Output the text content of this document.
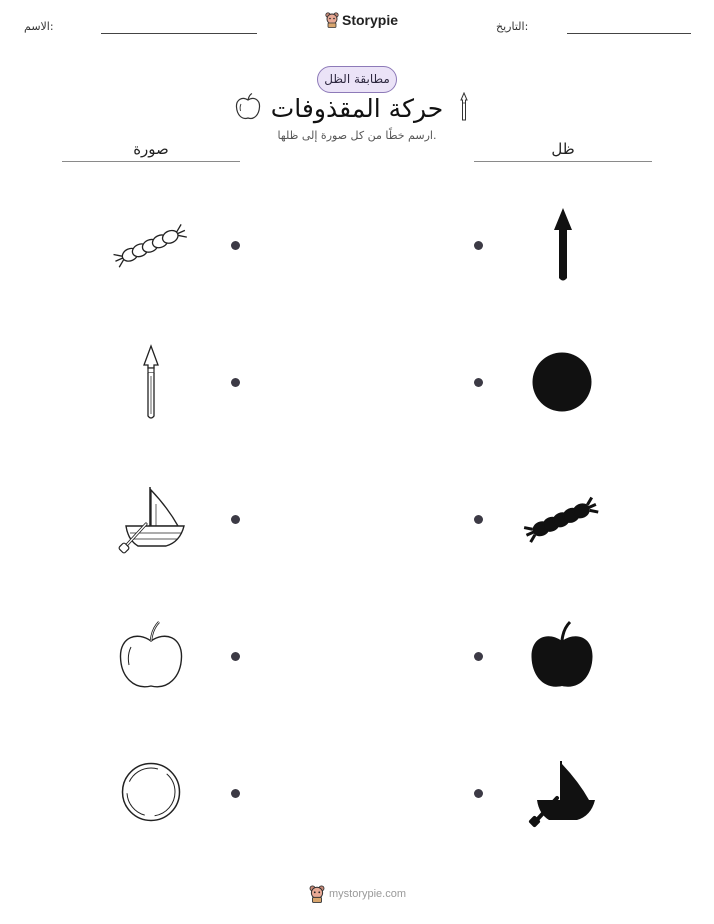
الاسم:	Storypie	التاريخ:
مطابقة الظل
حركة المقذوفات
ارسم خطًا من كل صورة إلى ظلها.
صورة	ظل
mystorypie.com
